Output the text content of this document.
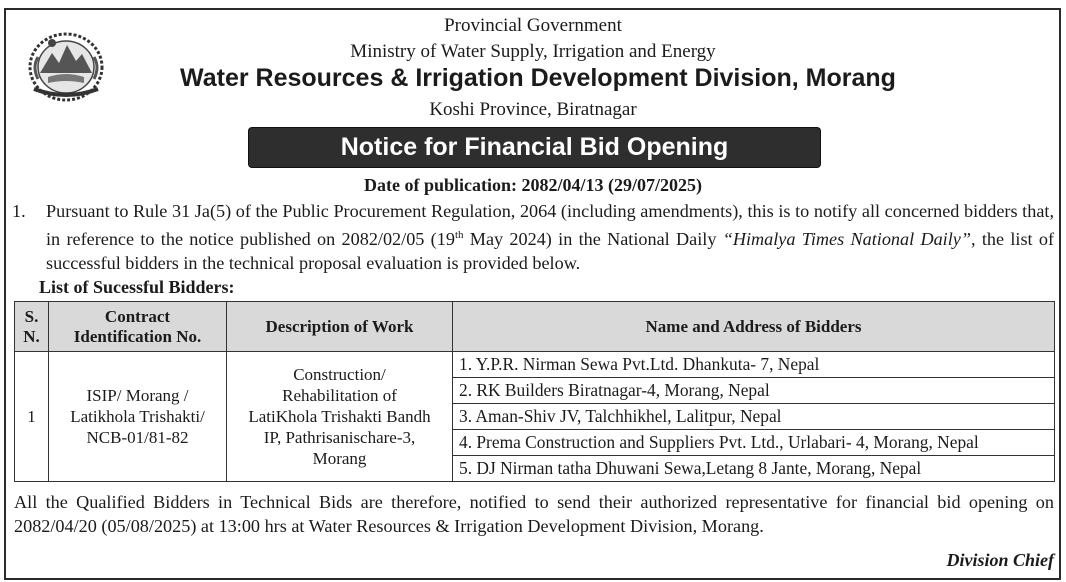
Provincial Government
Ministry of Water Supply, Irrigation and Energy
Water Resources & Irrigation Development Division, Morang
Koshi Province, Biratnagar
Notice for Financial Bid Opening
Date of publication: 2082/04/13 (29/07/2025)
1. Pursuant to Rule 31 Ja(5) of the Public Procurement Regulation, 2064 (including amendments), this is to notify all concerned bidders that, in reference to the notice published on 2082/02/05 (19th May 2024) in the National Daily “Himalya Times National Daily”, the list of successful bidders in the technical proposal evaluation is provided below.
List of Sucessful Bidders:
S.
N.	Contract
Identification No.	Description of Work	Name and Address of Bidders
1	ISIP/ Morang /
Latikhola Trishakti/
NCB-01/81-82	Construction/
Rehabilitation of
LatiKhola Trishakti Bandh
IP, Pathrisanischare-3,
Morang	1. Y.P.R. Nirman Sewa Pvt.Ltd. Dhankuta- 7, Nepal
			2. RK Builders Biratnagar-4, Morang, Nepal
			3. Aman-Shiv JV, Talchhikhel, Lalitpur, Nepal
			4. Prema Construction and Suppliers Pvt. Ltd., Urlabari- 4, Morang, Nepal
			5. DJ Nirman tatha Dhuwani Sewa,Letang 8 Jante, Morang, Nepal
All the Qualified Bidders in Technical Bids are therefore, notified to send their authorized representative for financial bid opening on 2082/04/20 (05/08/2025) at 13:00 hrs at Water Resources & Irrigation Development Division, Morang.
Division Chief
